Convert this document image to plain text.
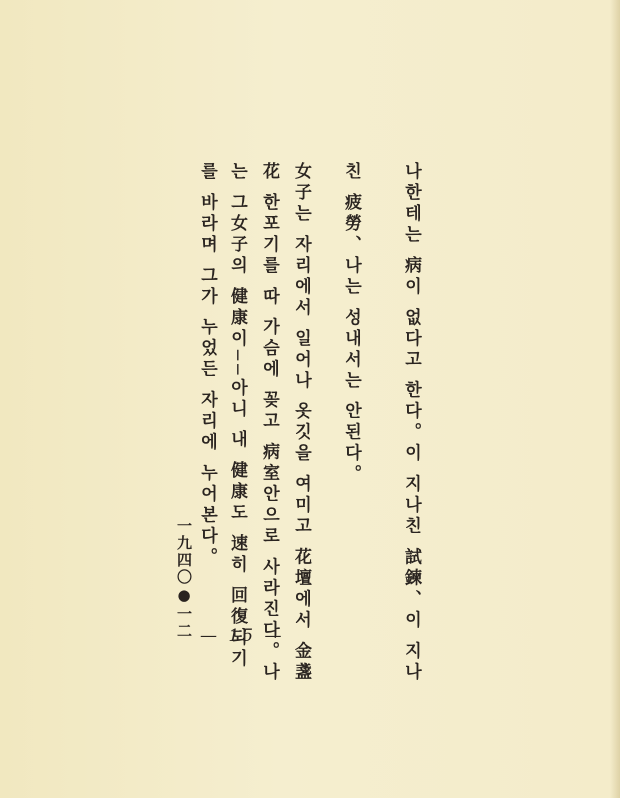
나한테는 病이 없다고 한다。이 지나친 試鍊、이 지나
친 疲勞、나는 성내서는 안된다。
女子는 자리에서 일어나 옷깃을 여미고 花壇에서 金盞
花 한포기를 따 가슴에 꽂고 病室안으로 사라진다。나
는 그女子의 健康이──아니 내 健康도 速히 回復되기
를 바라며 그가 누었든 자리에 누어본다。
一九四〇●一二 — 15 —
